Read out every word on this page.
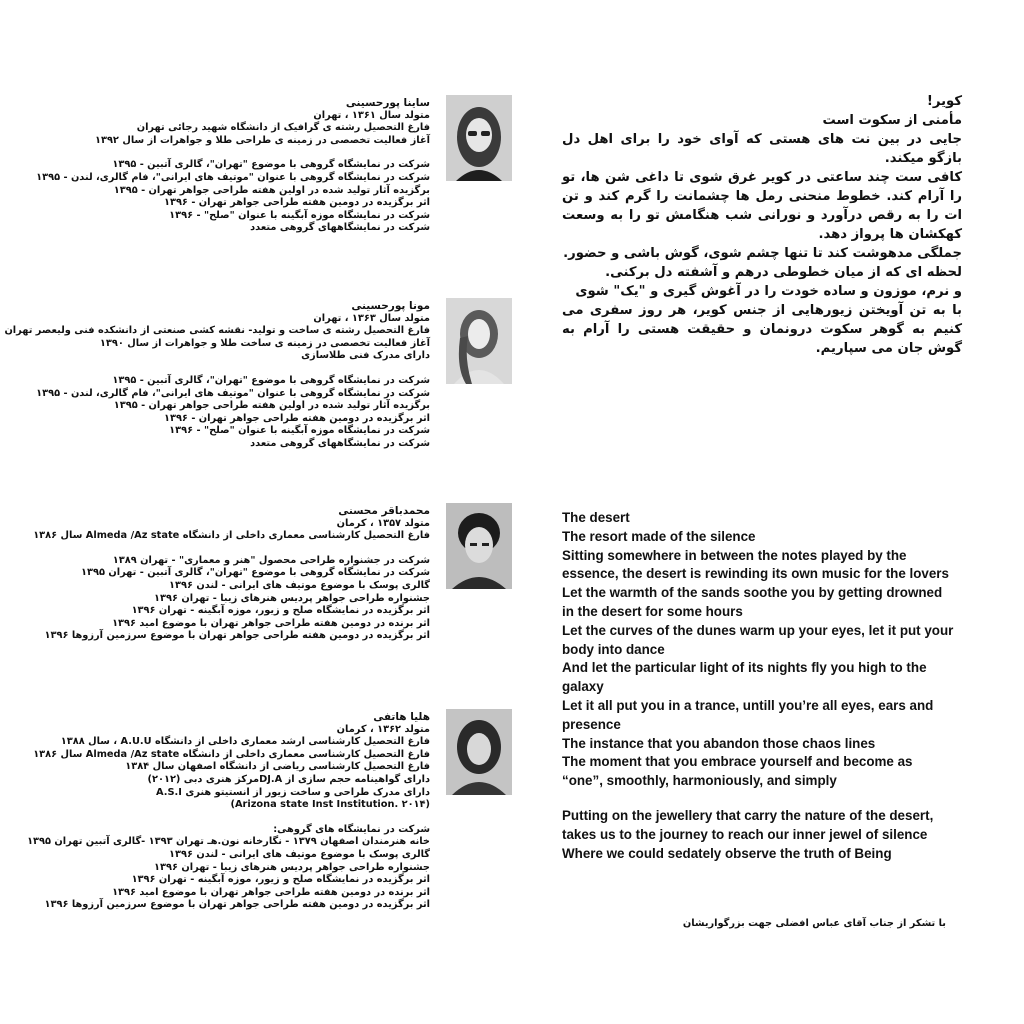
ساینا پورحسینی
متولد سال ۱۳۶۱ ، تهران
فارغ التحصیل رشته ی گرافیک از دانشگاه شهید رجائی تهران
آغاز فعالیت تخصصی در زمینه ی طراحی طلا و جواهرات از سال ۱۳۹۲
شرکت در نمایشگاه گروهی با موضوع "تهران"، گالری آتبین - ۱۳۹۵
شرکت در نمایشگاه گروهی با عنوان "موتیف های ایرانی"، فام گالری، لندن - ۱۳۹۵
برگزیده آثار تولید شده در اولین هفته طراحی جواهر تهران - ۱۳۹۵
اثر برگزیده در دومین هفته طراحی جواهر تهران - ۱۳۹۶
شرکت در نمایشگاه موزه آبگینه با عنوان "صلح" - ۱۳۹۶
شرکت در نمایشگاههای گروهی متعدد
مونا پورحسینی
متولد سال ۱۳۶۳ ، تهران
فارغ التحصیل رشته ی ساخت و تولید- نقشه کشی صنعتی از دانشکده فنی ولیعصر تهران
آغاز فعالیت تخصصی در زمینه ی ساخت طلا و جواهرات از سال ۱۳۹۰
دارای مدرک فنی طلاسازی
شرکت در نمایشگاه گروهی با موضوع "تهران"، گالری آتبین - ۱۳۹۵
شرکت در نمایشگاه گروهی با عنوان "موتیف های ایرانی"، فام گالری، لندن - ۱۳۹۵
برگزیده آثار تولید شده در اولین هفته طراحی جواهر تهران - ۱۳۹۵
اثر برگزیده در دومین هفته طراحی جواهر تهران - ۱۳۹۶
شرکت در نمایشگاه موزه آبگینه با عنوان "صلح" - ۱۳۹۶
شرکت در نمایشگاههای گروهی متعدد
محمدباقر محسنی
متولد ۱۳۵۷ ، کرمان
فارغ التحصیل کارشناسی معماری داخلی از دانشگاه Almeda /Az state سال ۱۳۸۶
شرکت در جشنواره طراحی محصول "هنر و معماری" - تهران ۱۳۸۹
شرکت در نمایشگاه گروهی با موضوع "تهران"، گالری آتبین - تهران ۱۳۹۵
گالری پوسک با موضوع موتیف های ایرانی - لندن ۱۳۹۶
جشنواره طراحی جواهر پردیس هنرهای زیبا - تهران ۱۳۹۶
اثر برگزیده در نمایشگاه صلح و زیور، موزه آبگینه - تهران ۱۳۹۶
اثر برنده در دومین هفته طراحی جواهر تهران با موضوع امید ۱۳۹۶
اثر برگزیده در دومین هفته طراحی جواهر تهران با موضوع سرزمین آرزوها ۱۳۹۶
هلیا هاتفی
متولد ۱۳۶۲ ، کرمان
فارغ التحصیل کارشناسی ارشد معماری داخلی از دانشگاه A.U.U ، سال ۱۳۸۸
فارغ التحصیل کارشناسی معماری داخلی از دانشگاه Almeda /Az state سال ۱۳۸۶
فارغ التحصیل کارشناسی ریاضی از دانشگاه اصفهان سال ۱۳۸۴
دارای گواهینامه حجم سازی از DJ.Aمرکز هنری دبی (۲۰۱۲)
دارای مدرک طراحی و ساخت زیور از انستیتو هنری A.S.I
(Arizona state Inst Institution. ۲۰۱۴)
شرکت در نمایشگاه های گروهی:
خانه هنرمندان اصفهان ۱۳۷۹ - نگارخانه نون.هـ تهران ۱۳۹۳ -گالری آتبین تهران ۱۳۹۵
گالری پوسک با موضوع موتیف های ایرانی - لندن ۱۳۹۶
جشنواره طراحی جواهر پردیس هنرهای زیبا - تهران ۱۳۹۶
اثر برگزیده در نمایشگاه صلح و زیور، موزه آبگینه - تهران ۱۳۹۶
اثر برنده در دومین هفته طراحی جواهر تهران با موضوع امید ۱۳۹۶
اثر برگزیده در دومین هفته طراحی جواهر تهران با موضوع سرزمین آرزوها ۱۳۹۶
کویر!
مأمنی از سکوت است
جایی در بین نت های هستی که آوای خود را برای اهل دل بازگو میکند.
کافی ست چند ساعتی در کویر غرق شوی تا داغی شن ها، تو را آرام کند. خطوط منحنی رمل ها چشمانت را گرم کند و تن ات را به رقص درآورد و نورانی شب هنگامش تو را به وسعت کهکشان ها پرواز دهد.
جملگی مدهوشت کند تا تنها چشم شوی، گوش باشی و حضور.
لحظه ای که از میان خطوطی درهم و آشفته دل برکنی.
و نرم، موزون و ساده خودت را در آغوش گیری و "یک" شوی
با به تن آویختن زیورهایی از جنس کویر، هر روز سفری می کنیم به گوهر سکوت درونمان و حقیقت هستی را آرام به گوش جان می سپاریم.
The desert
The resort made of the silence
Sitting somewhere in between the notes played by the essence, the desert is rewinding its own music for the lovers
Let the warmth of the sands soothe you by getting drowned in the desert for some hours
Let the curves of the dunes warm up your eyes, let it put your body into dance
And let the particular light of its nights fly you high to the galaxy
Let it all put you in a trance, untill you’re all eyes, ears and presence
The instance that you abandon those chaos lines
The moment that you embrace yourself and become as “one”, smoothly, harmoniously, and simply
Putting on the jewellery that carry the nature of the desert, takes us to the journey to reach our inner jewel of silence
Where we could sedately observe the truth of Being
با تشکر از جناب آقای عباس افضلی جهت بزرگواریشان
